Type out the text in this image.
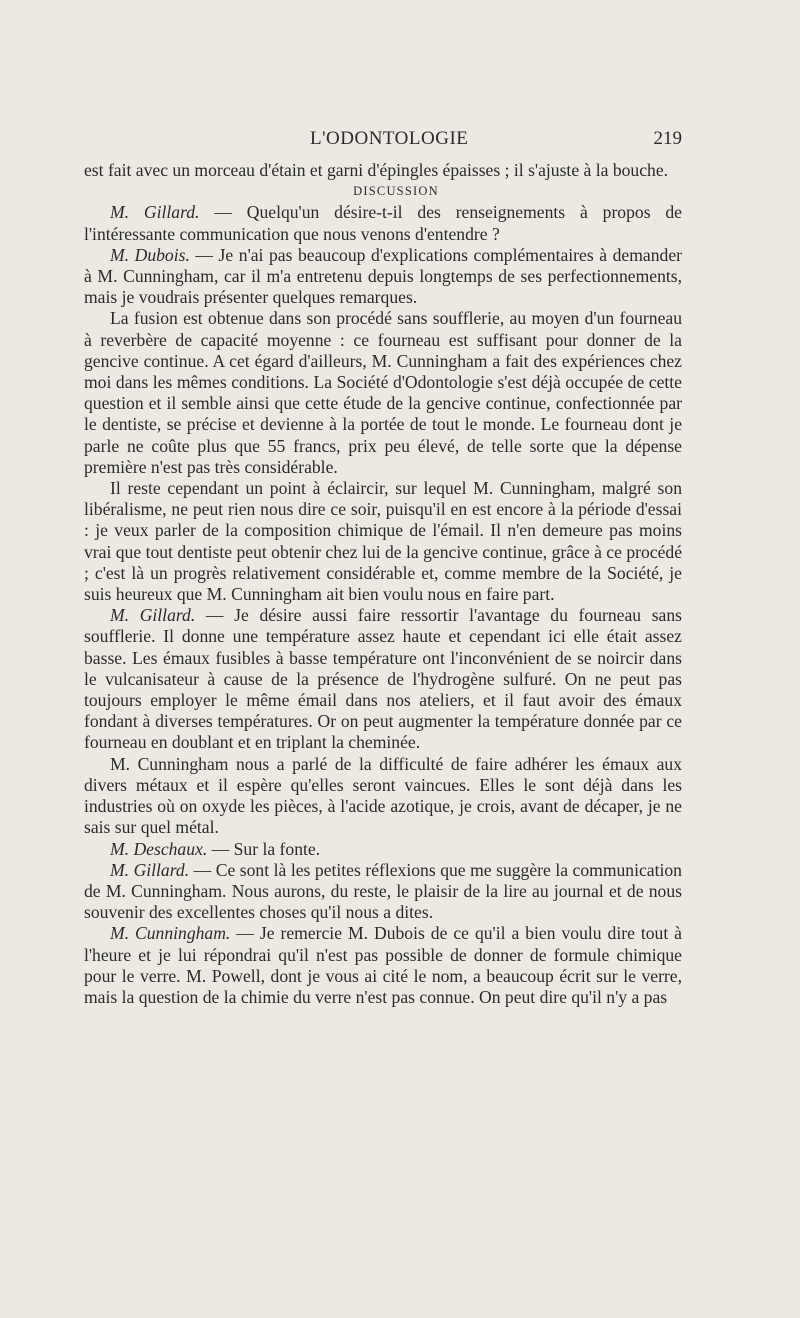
L'ODONTOLOGIE	219

est fait avec un morceau d'étain et garni d'épingles épaisses ; il s'ajuste à la bouche.

DISCUSSION

M. Gillard. — Quelqu'un désire-t-il des renseignements à propos de l'intéressante communication que nous venons d'entendre ?

M. Dubois. — Je n'ai pas beaucoup d'explications complémentaires à demander à M. Cunningham, car il m'a entretenu depuis longtemps de ses perfectionnements, mais je voudrais présenter quelques remarques.

La fusion est obtenue dans son procédé sans soufflerie, au moyen d'un fourneau à reverbère de capacité moyenne : ce fourneau est suffisant pour donner de la gencive continue. A cet égard d'ailleurs, M. Cunningham a fait des expériences chez moi dans les mêmes conditions. La Société d'Odontologie s'est déjà occupée de cette question et il semble ainsi que cette étude de la gencive continue, confectionnée par le dentiste, se précise et devienne à la portée de tout le monde. Le fourneau dont je parle ne coûte plus que 55 francs, prix peu élevé, de telle sorte que la dépense première n'est pas très considérable.

Il reste cependant un point à éclaircir, sur lequel M. Cunningham, malgré son libéralisme, ne peut rien nous dire ce soir, puisqu'il en est encore à la période d'essai : je veux parler de la composition chimique de l'émail. Il n'en demeure pas moins vrai que tout dentiste peut obtenir chez lui de la gencive continue, grâce à ce procédé ; c'est là un progrès relativement considérable et, comme membre de la Société, je suis heureux que M. Cunningham ait bien voulu nous en faire part.

M. Gillard. — Je désire aussi faire ressortir l'avantage du fourneau sans soufflerie. Il donne une température assez haute et cependant ici elle était assez basse. Les émaux fusibles à basse température ont l'inconvénient de se noircir dans le vulcanisateur à cause de la présence de l'hydrogène sulfuré. On ne peut pas toujours employer le même émail dans nos ateliers, et il faut avoir des émaux fondant à diverses températures. Or on peut augmenter la température donnée par ce fourneau en doublant et en triplant la cheminée.

M. Cunningham nous a parlé de la difficulté de faire adhérer les émaux aux divers métaux et il espère qu'elles seront vaincues. Elles le sont déjà dans les industries où on oxyde les pièces, à l'acide azotique, je crois, avant de décaper, je ne sais sur quel métal.

M. Deschaux. — Sur la fonte.

M. Gillard. — Ce sont là les petites réflexions que me suggère la communication de M. Cunningham. Nous aurons, du reste, le plaisir de la lire au journal et de nous souvenir des excellentes choses qu'il nous a dites.

M. Cunningham. — Je remercie M. Dubois de ce qu'il a bien voulu dire tout à l'heure et je lui répondrai qu'il n'est pas possible de donner de formule chimique pour le verre. M. Powell, dont je vous ai cité le nom, a beaucoup écrit sur le verre, mais la question de la chimie du verre n'est pas connue. On peut dire qu'il n'y a pas
